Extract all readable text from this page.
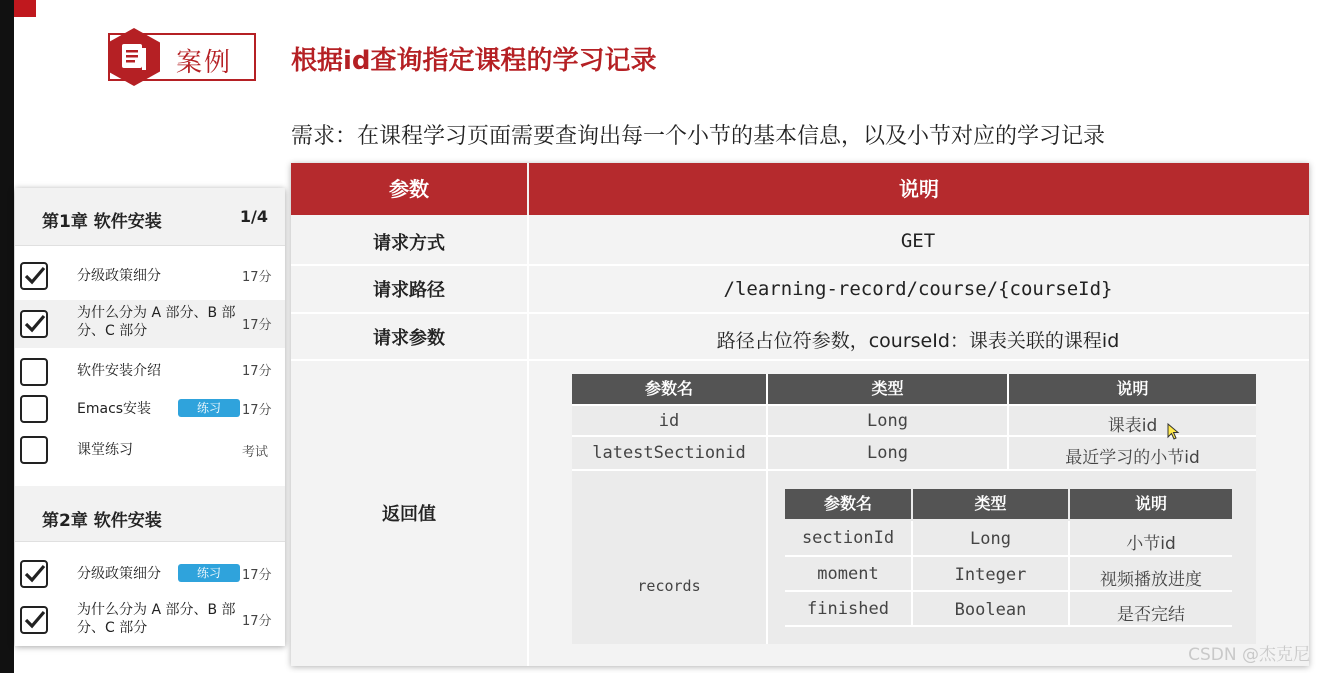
案例 根据id查询指定课程的学习记录
需求：在课程学习页面需要查询出每一个小节的基本信息，以及小节对应的学习记录
第1章 软件安装	1/4
分级政策细分	17分
为什么分为 A 部分、B 部分、C 部分	17分
软件安装介绍	17分
Emacs安装	练习	17分
课堂练习	考试
第2章 软件安装
分级政策细分	练习	17分
为什么分为 A 部分、B 部分、C 部分	17分
参数	说明
请求方式	GET
请求路径	/learning-record/course/{courseId}
请求参数	路径占位符参数，courseId：课表关联的课程id
返回值
参数名	类型	说明
id	Long	课表id
latestSectionid	Long	最近学习的小节id
records
参数名	类型	说明
sectionId	Long	小节id
moment	Integer	视频播放进度
finished	Boolean	是否完结
CSDN @杰克尼
